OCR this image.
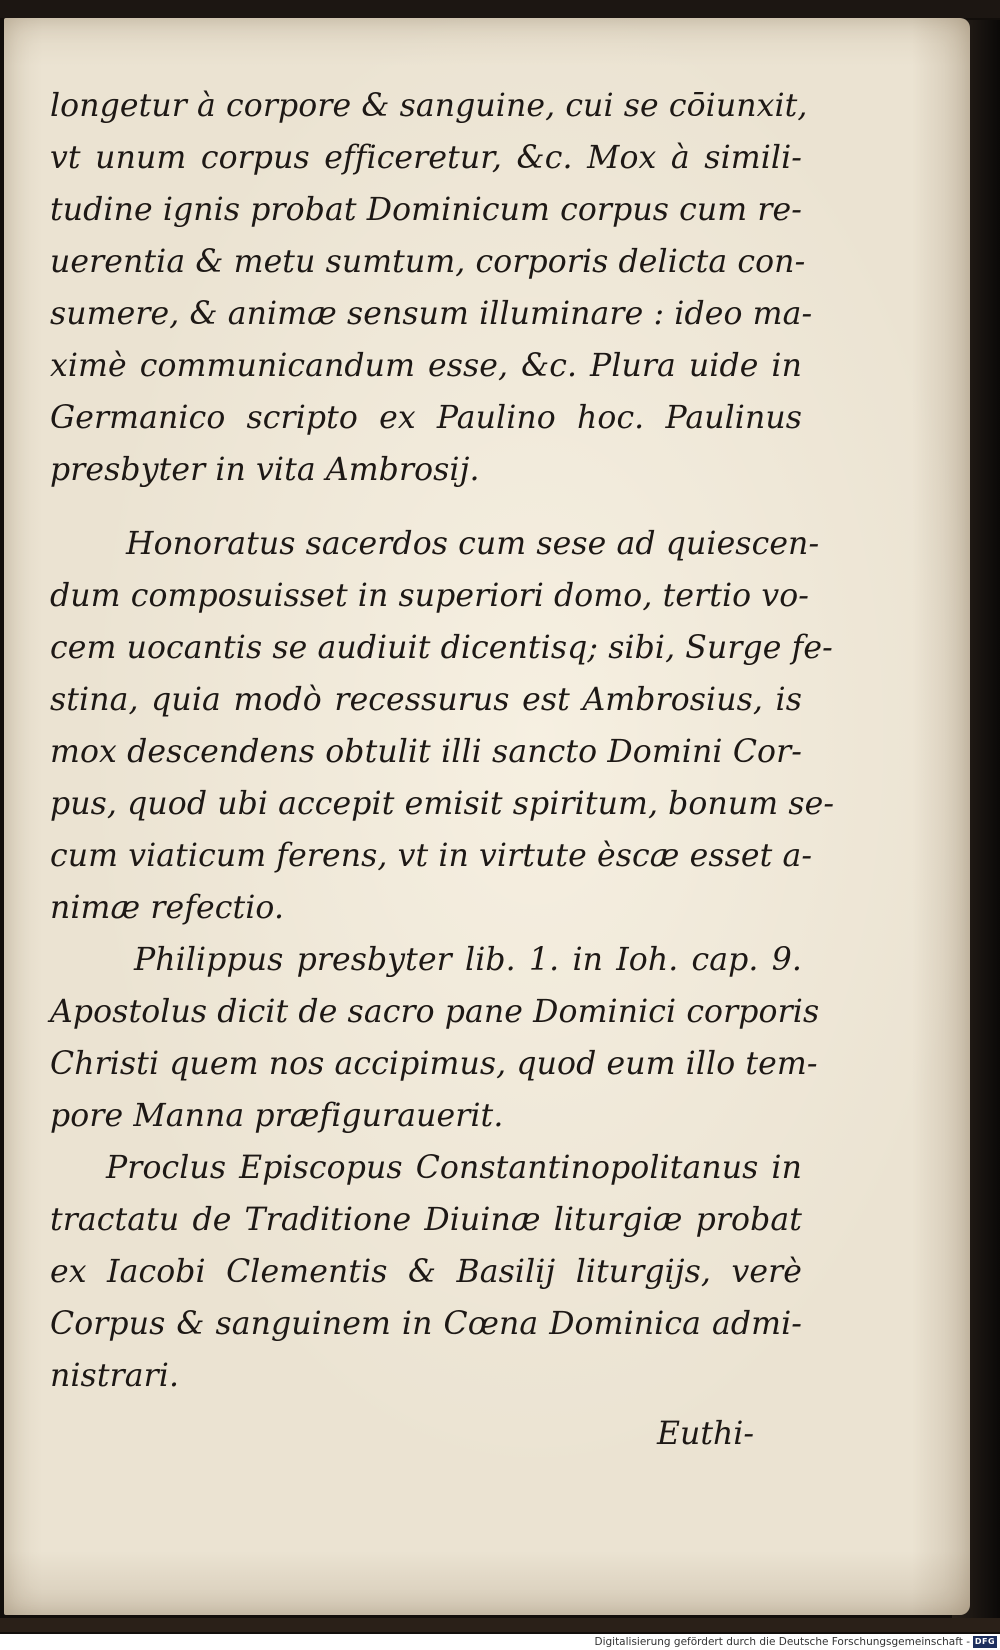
longetur à corpore & sanguine, cui se cōiunxit,
vt unum corpus efficeretur, &c. Mox à simili-
tudine ignis probat Dominicum corpus cum re-
uerentia & metu sumtum, corporis delicta con-
sumere, & animæ sensum illuminare : ideo ma-
ximè communicandum esse, &c. Plura uide in
Germanico scripto ex Paulino hoc. Paulinus
presbyter in vita Ambrosij.
Honoratus sacerdos cum sese ad quiescen-
dum composuisset in superiori domo, tertio vo-
cem uocantis se audiuit dicentisq; sibi, Surge fe-
stina, quia modò recessurus est Ambrosius, is
mox descendens obtulit illi sancto Domini Cor-
pus, quod ubi accepit emisit spiritum, bonum se-
cum viaticum ferens, vt in virtute èscæ esset a-
nimæ refectio.
Philippus presbyter lib. 1. in Ioh. cap. 9.
Apostolus dicit de sacro pane Dominici corporis
Christi quem nos accipimus, quod eum illo tem-
pore Manna præfigurauerit.
Proclus Episcopus Constantinopolitanus in
tractatu de Traditione Diuinæ liturgiæ probat
ex Iacobi Clementis & Basilij liturgijs, verè
Corpus & sanguinem in Cœna Dominica admi-
nistrari.
Euthi-
Digitalisierung gefördert durch die Deutsche Forschungsgemeinschaft - DFG
